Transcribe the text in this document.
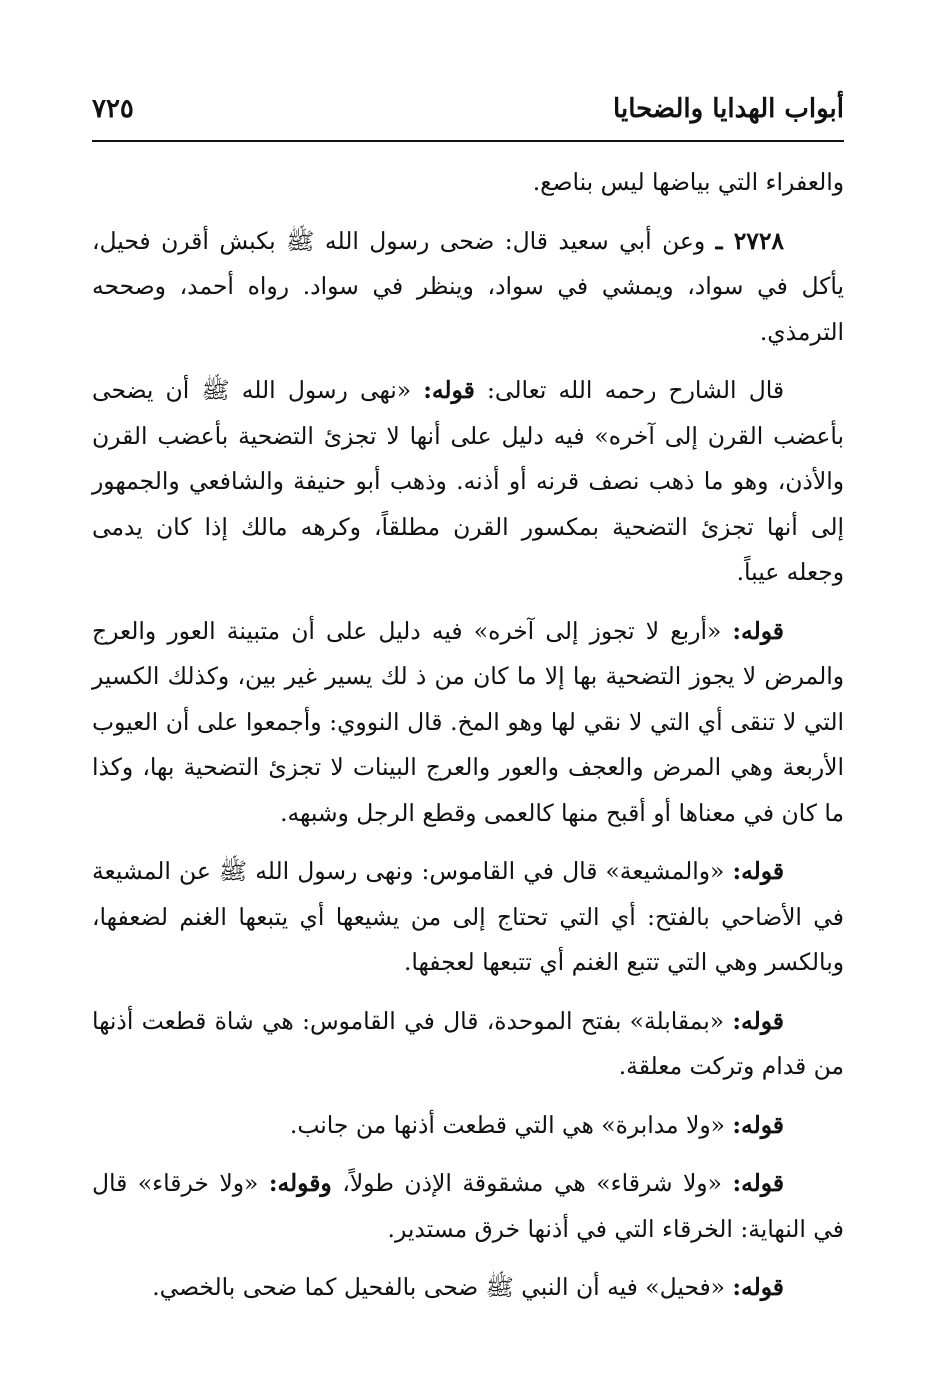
أبواب الهدايا والضحايا
٧٢٥

والعفراء التي بياضها ليس بناصع.

٢٧٢٨ ـ وعن أبي سعيد قال: ضحى رسول الله ﷺ بكبش أقرن فحيل، يأكل في سواد، ويمشي في سواد، وينظر في سواد. رواه أحمد، وصححه الترمذي.

قال الشارح رحمه الله تعالى: قوله: «نهى رسول الله ﷺ أن يضحى بأعضب القرن إلى آخره» فيه دليل على أنها لا تجزئ التضحية بأعضب القرن والأذن، وهو ما ذهب نصف قرنه أو أذنه. وذهب أبو حنيفة والشافعي والجمهور إلى أنها تجزئ التضحية بمكسور القرن مطلقاً، وكرهه مالك إذا كان يدمى وجعله عيباً.

قوله: «أربع لا تجوز إلى آخره» فيه دليل على أن متبينة العور والعرج والمرض لا يجوز التضحية بها إلا ما كان من ذ لك يسير غير بين، وكذلك الكسير التي لا تنقى أي التي لا نقي لها وهو المخ. قال النووي: وأجمعوا على أن العيوب الأربعة وهي المرض والعجف والعور والعرج البينات لا تجزئ التضحية بها، وكذا ما كان في معناها أو أقبح منها كالعمى وقطع الرجل وشبهه.

قوله: «والمشيعة» قال في القاموس: ونهى رسول الله ﷺ عن المشيعة في الأضاحي بالفتح: أي التي تحتاج إلى من يشيعها أي يتبعها الغنم لضعفها، وبالكسر وهي التي تتبع الغنم أي تتبعها لعجفها.

قوله: «بمقابلة» بفتح الموحدة، قال في القاموس: هي شاة قطعت أذنها من قدام وتركت معلقة.

قوله: «ولا مدابرة» هي التي قطعت أذنها من جانب.

قوله: «ولا شرقاء» هي مشقوقة الإذن طولاً، وقوله: «ولا خرقاء» قال في النهاية: الخرقاء التي في أذنها خرق مستدير.

قوله: «فحيل» فيه أن النبي ﷺ ضحى بالفحيل كما ضحى بالخصي.
